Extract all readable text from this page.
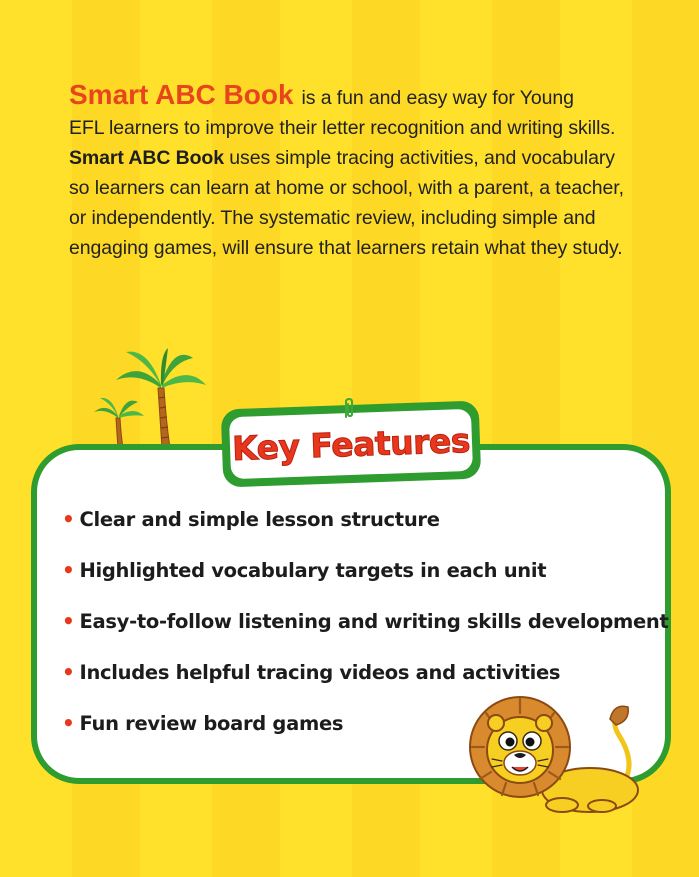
Smart ABC Book is a fun and easy way for Young
EFL learners to improve their letter recognition and writing skills.
Smart ABC Book uses simple tracing activities, and vocabulary
so learners can learn at home or school, with a parent, a teacher,
or independently. The systematic review, including simple and
engaging games, will ensure that learners retain what they study.
Key Features
• Clear and simple lesson structure
• Highlighted vocabulary targets in each unit
• Easy-to-follow listening and writing skills development
• Includes helpful tracing videos and activities
• Fun review board games
